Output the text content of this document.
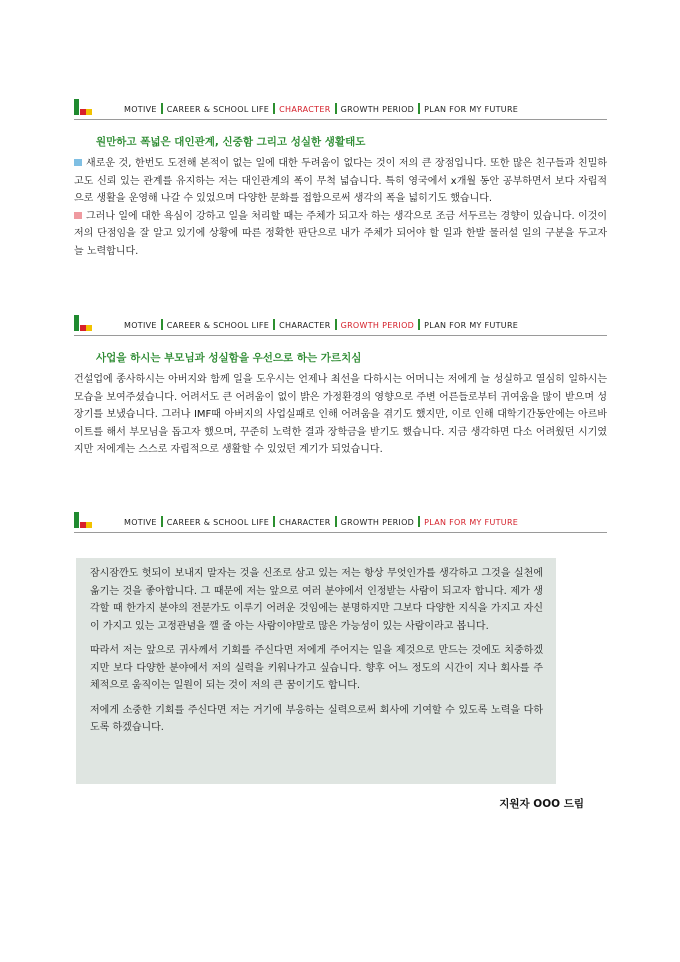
MOTIVE CAREER & SCHOOL LIFE CHARACTER GROWTH PERIOD PLAN FOR MY FUTURE
원만하고 폭넓은 대인관계, 신중함 그리고 성실한 생활태도

새로운 것, 한번도 도전해 본적이 없는 일에 대한 두려움이 없다는 것이 저의 큰 장점입니다. 또한 많은 친구들과 친밀하고도 신뢰 있는 관계를 유지하는 저는 대인관계의 폭이 무척 넓습니다. 특히 영국에서 x개월 동안 공부하면서 보다 자립적으로 생활을 운영해 나갈 수 있었으며 다양한 문화를 접함으로써 생각의 폭을 넓히기도 했습니다.

그러나 일에 대한 욕심이 강하고 일을 처리할 때는 주체가 되고자 하는 생각으로 조금 서두르는 경향이 있습니다. 이것이 저의 단점임을 잘 알고 있기에 상황에 따른 정확한 판단으로 내가 주체가 되어야 할 일과 한발 물러설 일의 구분을 두고자 늘 노력합니다.

MOTIVE CAREER & SCHOOL LIFE CHARACTER GROWTH PERIOD PLAN FOR MY FUTURE
사업을 하시는 부모님과 성실함을 우선으로 하는 가르치심

건설업에 종사하시는 아버지와 함께 일을 도우시는 언제나 최선을 다하시는 어머니는 저에게 늘 성실하고 열심히 일하시는 모습을 보여주셨습니다. 어려서도 큰 어려움이 없이 밝은 가정환경의 영향으로 주변 어른들로부터 귀여움을 많이 받으며 성장기를 보냈습니다. 그러나 IMF때 아버지의 사업실패로 인해 어려움을 겪기도 했지만, 이로 인해 대학기간동안에는 아르바이트를 해서 부모님을 돕고자 했으며, 꾸준히 노력한 결과 장학금을 받기도 했습니다. 지금 생각하면 다소 어려웠던 시기였지만 저에게는 스스로 자립적으로 생활할 수 있었던 계기가 되었습니다.

MOTIVE CAREER & SCHOOL LIFE CHARACTER GROWTH PERIOD PLAN FOR MY FUTURE

잠시잠깐도 헛되이 보내지 말자는 것을 신조로 삼고 있는 저는 항상 무엇인가를 생각하고 그것을 실천에 옮기는 것을 좋아합니다. 그 때문에 저는 앞으로 여러 분야에서 인정받는 사람이 되고자 합니다. 제가 생각할 때 한가지 분야의 전문가도 이루기 어려운 것임에는 분명하지만 그보다 다양한 지식을 가지고 자신이 가지고 있는 고정관념을 깰 줄 아는 사람이야말로 많은 가능성이 있는 사람이라고 봅니다.

따라서 저는 앞으로 귀사께서 기회를 주신다면 저에게 주어지는 일을 제것으로 만드는 것에도 치중하겠지만 보다 다양한 분야에서 저의 실력을 키워나가고 싶습니다. 향후 어느 정도의 시간이 지나 회사를 주체적으로 움직이는 일원이 되는 것이 저의 큰 꿈이기도 합니다.

저에게 소중한 기회를 주신다면 저는 거기에 부응하는 실력으로써 회사에 기여할 수 있도록 노력을 다하도록 하겠습니다.

지원자 OOO 드림
